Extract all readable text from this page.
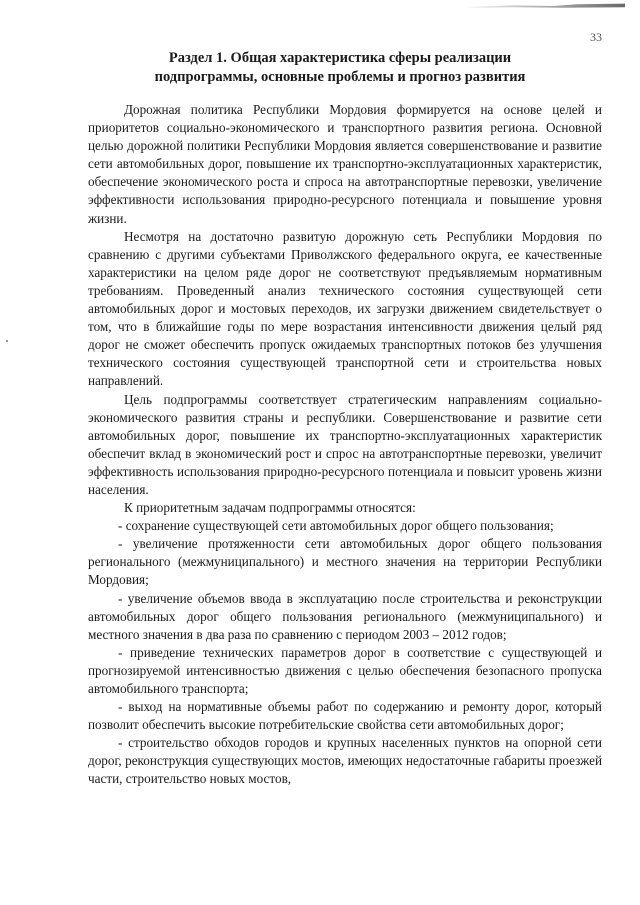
33
Раздел 1. Общая характеристика сферы реализации
подпрограммы, основные проблемы и прогноз развития

Дорожная политика Республики Мордовия формируется на основе целей и приоритетов социально-экономического и транспортного развития региона. Основной целью дорожной политики Республики Мордовия является совершенствование и развитие сети автомобильных дорог, повышение их транспортно-эксплуатационных характеристик, обеспечение экономического роста и спроса на автотранспортные перевозки, увеличение эффективности использования природно-ресурсного потенциала и повышение уровня жизни.

Несмотря на достаточно развитую дорожную сеть Республики Мордовия по сравнению с другими субъектами Приволжского федерального округа, ее качественные характеристики на целом ряде дорог не соответствуют предъявляемым нормативным требованиям. Проведенный анализ технического состояния существующей сети автомобильных дорог и мостовых переходов, их загрузки движением свидетельствует о том, что в ближайшие годы по мере возрастания интенсивности движения целый ряд дорог не сможет обеспечить пропуск ожидаемых транспортных потоков без улучшения технического состояния существующей транспортной сети и строительства новых направлений.

Цель подпрограммы соответствует стратегическим направлениям социально-экономического развития страны и республики. Совершенствование и развитие сети автомобильных дорог, повышение их транспортно-эксплуатационных характеристик обеспечит вклад в экономический рост и спрос на автотранспортные перевозки, увеличит эффективность использования природно-ресурсного потенциала и повысит уровень жизни населения.

К приоритетным задачам подпрограммы относятся:

- сохранение существующей сети автомобильных дорог общего пользования;

- увеличение протяженности сети автомобильных дорог общего пользования регионального (межмуниципального) и местного значения на территории Республики Мордовия;

- увеличение объемов ввода в эксплуатацию после строительства и реконструкции автомобильных дорог общего пользования регионального (межмуниципального) и местного значения в два раза по сравнению с периодом 2003 – 2012 годов;

- приведение технических параметров дорог в соответствие с существующей и прогнозируемой интенсивностью движения с целью обеспечения безопасного пропуска автомобильного транспорта;

- выход на нормативные объемы работ по содержанию и ремонту дорог, который позволит обеспечить высокие потребительские свойства сети автомобильных дорог;

- строительство обходов городов и крупных населенных пунктов на опорной сети дорог, реконструкция существующих мостов, имеющих недостаточные габариты проезжей части, строительство новых мостов,
